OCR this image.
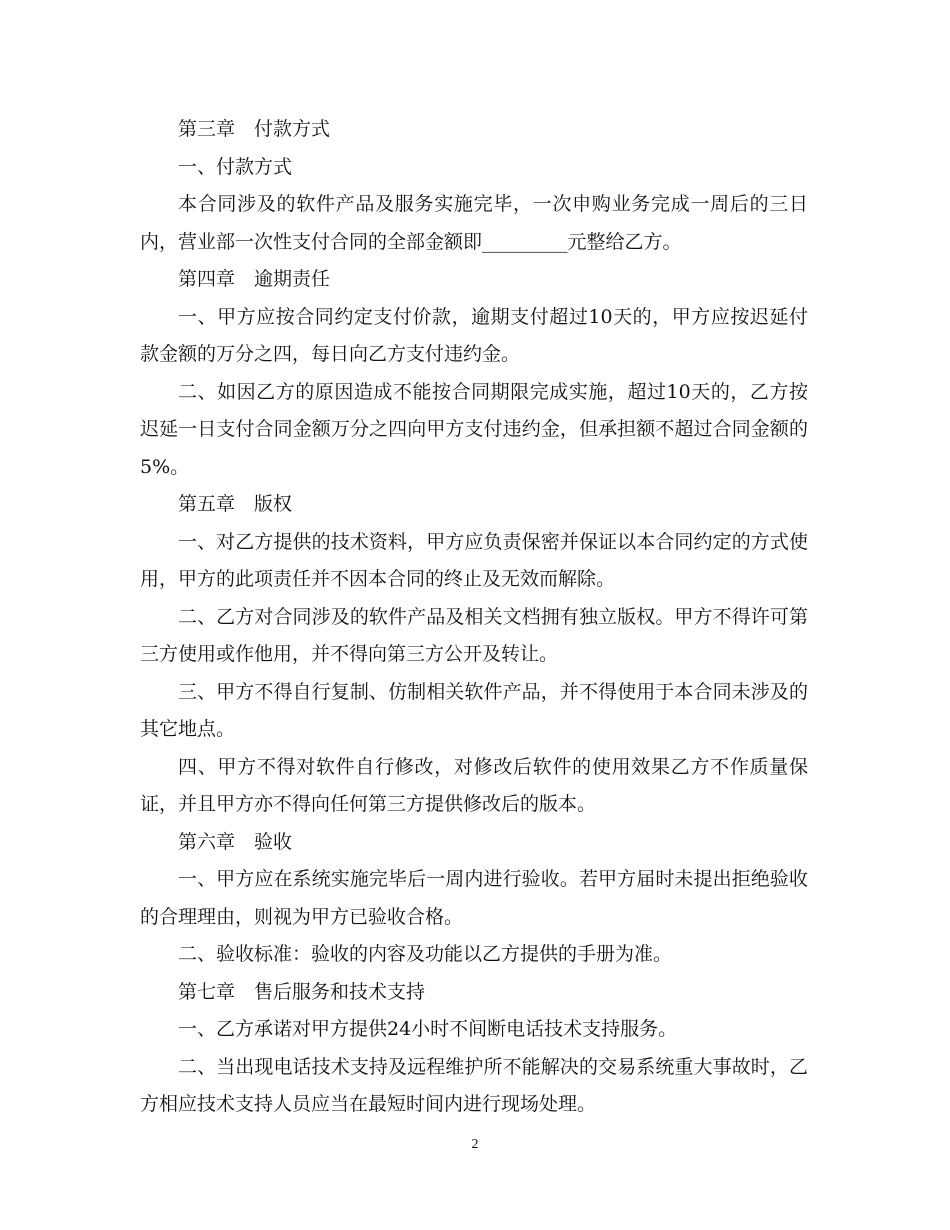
第三章　付款方式

一、付款方式

本合同涉及的软件产品及服务实施完毕，一次申购业务完成一周后的三日内，营业部一次性支付合同的全部金额即_________元整给乙方。

第四章　逾期责任

一、甲方应按合同约定支付价款，逾期支付超过10天的，甲方应按迟延付款金额的万分之四，每日向乙方支付违约金。

二、如因乙方的原因造成不能按合同期限完成实施，超过10天的，乙方按迟延一日支付合同金额万分之四向甲方支付违约金，但承担额不超过合同金额的5%。

第五章　版权

一、对乙方提供的技术资料，甲方应负责保密并保证以本合同约定的方式使用，甲方的此项责任并不因本合同的终止及无效而解除。

二、乙方对合同涉及的软件产品及相关文档拥有独立版权。甲方不得许可第三方使用或作他用，并不得向第三方公开及转让。

三、甲方不得自行复制、仿制相关软件产品，并不得使用于本合同未涉及的其它地点。

四、甲方不得对软件自行修改，对修改后软件的使用效果乙方不作质量保证，并且甲方亦不得向任何第三方提供修改后的版本。

第六章　验收

一、甲方应在系统实施完毕后一周内进行验收。若甲方届时未提出拒绝验收的合理理由，则视为甲方已验收合格。

二、验收标准：验收的内容及功能以乙方提供的手册为准。

第七章　售后服务和技术支持

一、乙方承诺对甲方提供24小时不间断电话技术支持服务。

二、当出现电话技术支持及远程维护所不能解决的交易系统重大事故时，乙方相应技术支持人员应当在最短时间内进行现场处理。

2
